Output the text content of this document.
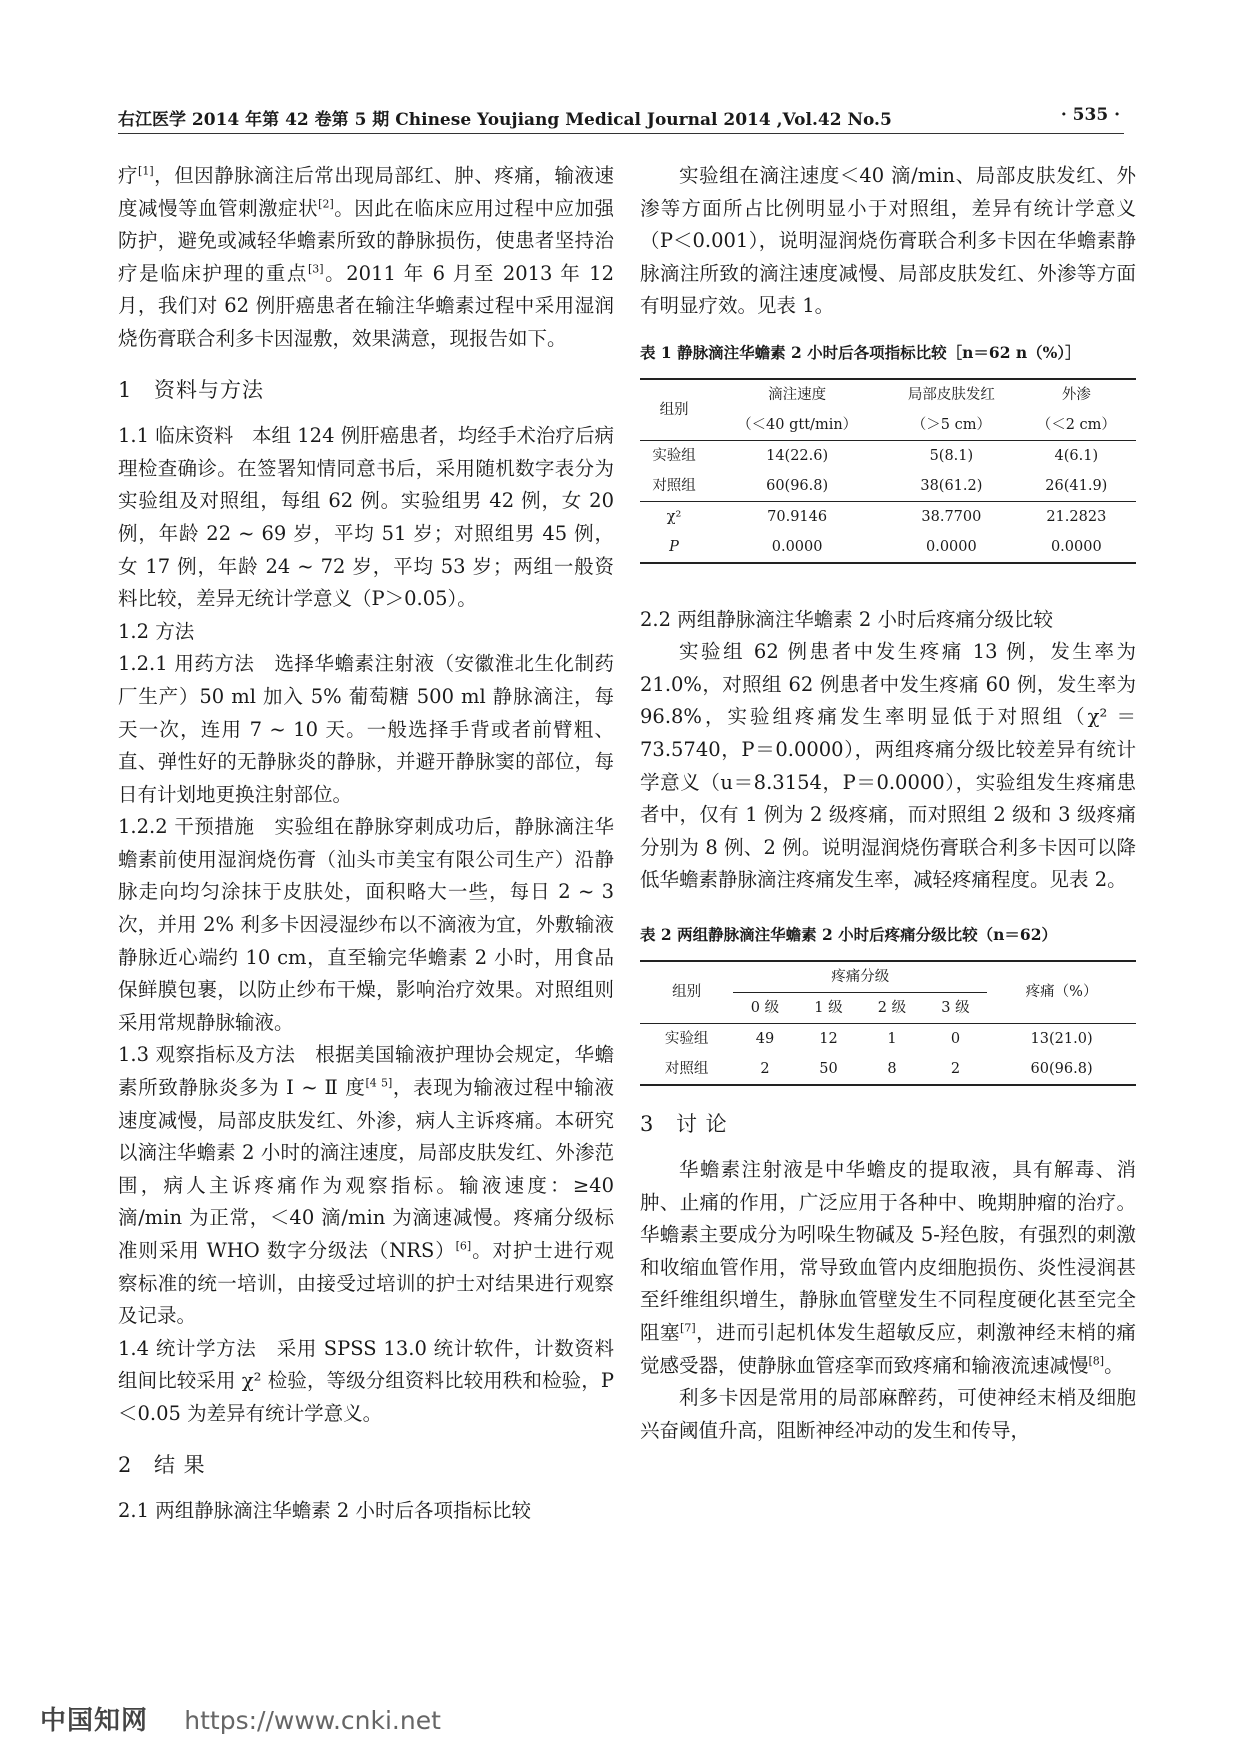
右江医学 2014 年第 42 卷第 5 期 Chinese Youjiang Medical Journal 2014 ,Vol.42 No.5	· 535 ·

疗[1]，但因静脉滴注后常出现局部红、肿、疼痛，输液速度减慢等血管刺激症状[2]。因此在临床应用过程中应加强防护，避免或减轻华蟾素所致的静脉损伤，使患者坚持治疗是临床护理的重点[3]。2011 年 6 月至 2013 年 12 月，我们对 62 例肝癌患者在输注华蟾素过程中采用湿润烧伤膏联合利多卡因湿敷，效果满意，现报告如下。

1 资料与方法

1.1 临床资料 本组 124 例肝癌患者，均经手术治疗后病理检查确诊。在签署知情同意书后，采用随机数字表分为实验组及对照组，每组 62 例。实验组男 42 例，女 20 例，年龄 22 ~ 69 岁，平均 51 岁；对照组男 45 例，女 17 例，年龄 24 ~ 72 岁，平均 53 岁；两组一般资料比较，差异无统计学意义（P＞0.05）。

1.2 方法

1.2.1 用药方法 选择华蟾素注射液（安徽淮北生化制药厂生产）50 ml 加入 5% 葡萄糖 500 ml 静脉滴注，每天一次，连用 7 ~ 10 天。一般选择手背或者前臂粗、直、弹性好的无静脉炎的静脉，并避开静脉窦的部位，每日有计划地更换注射部位。

1.2.2 干预措施 实验组在静脉穿刺成功后，静脉滴注华蟾素前使用湿润烧伤膏（汕头市美宝有限公司生产）沿静脉走向均匀涂抹于皮肤处，面积略大一些，每日 2 ~ 3 次，并用 2% 利多卡因浸湿纱布以不滴液为宜，外敷输液静脉近心端约 10 cm，直至输完华蟾素 2 小时，用食品保鲜膜包裹，以防止纱布干燥，影响治疗效果。对照组则采用常规静脉输液。

1.3 观察指标及方法 根据美国输液护理协会规定，华蟾素所致静脉炎多为 Ⅰ ~ Ⅱ 度[4 5]，表现为输液过程中输液速度减慢，局部皮肤发红、外渗，病人主诉疼痛。本研究以滴注华蟾素 2 小时的滴注速度，局部皮肤发红、外渗范围，病人主诉疼痛作为观察指标。输液速度：≥40 滴/min 为正常，＜40 滴/min 为滴速减慢。疼痛分级标准则采用 WHO 数字分级法（NRS）[6]。对护士进行观察标准的统一培训，由接受过培训的护士对结果进行观察及记录。

1.4 统计学方法 采用 SPSS 13.0 统计软件，计数资料组间比较采用 χ² 检验，等级分组资料比较用秩和检验，P＜0.05 为差异有统计学意义。

2 结 果

2.1 两组静脉滴注华蟾素 2 小时后各项指标比较

实验组在滴注速度＜40 滴/min、局部皮肤发红、外渗等方面所占比例明显小于对照组，差异有统计学意义（P＜0.001），说明湿润烧伤膏联合利多卡因在华蟾素静脉滴注所致的滴注速度减慢、局部皮肤发红、外渗等方面有明显疗效。见表 1。

表 1 静脉滴注华蟾素 2 小时后各项指标比较［n＝62 n（%）］

组别	滴注速度	局部皮肤发红	外渗
	（＜40 gtt/min）	（＞5 cm）	（＜2 cm）
实验组	14(22.6)	5(8.1)	4(6.1)
对照组	60(96.8)	38(61.2)	26(41.9)
χ²	70.9146	38.7700	21.2823
P	0.0000	0.0000	0.0000

2.2 两组静脉滴注华蟾素 2 小时后疼痛分级比较

实验组 62 例患者中发生疼痛 13 例，发生率为 21.0%，对照组 62 例患者中发生疼痛 60 例，发生率为 96.8%，实验组疼痛发生率明显低于对照组（χ² ＝73.5740，P＝0.0000），两组疼痛分级比较差异有统计学意义（u＝8.3154，P＝0.0000），实验组发生疼痛患者中，仅有 1 例为 2 级疼痛，而对照组 2 级和 3 级疼痛分别为 8 例、2 例。说明湿润烧伤膏联合利多卡因可以降低华蟾素静脉滴注疼痛发生率，减轻疼痛程度。见表 2。

表 2 两组静脉滴注华蟾素 2 小时后疼痛分级比较（n＝62）

组别	疼痛分级				疼痛（%）
	0 级	1 级	2 级	3 级	
实验组	49	12	1	0	13(21.0)
对照组	2	50	8	2	60(96.8)

3 讨 论

华蟾素注射液是中华蟾皮的提取液，具有解毒、消肿、止痛的作用，广泛应用于各种中、晚期肿瘤的治疗。华蟾素主要成分为吲哚生物碱及 5-羟色胺，有强烈的刺激和收缩血管作用，常导致血管内皮细胞损伤、炎性浸润甚至纤维组织增生，静脉血管壁发生不同程度硬化甚至完全阻塞[7]，进而引起机体发生超敏反应，刺激神经末梢的痛觉感受器，使静脉血管痉挛而致疼痛和输液流速减慢[8]。

利多卡因是常用的局部麻醉药，可使神经末梢及细胞兴奋阈值升高，阻断神经冲动的发生和传导，

中国知网 https://www.cnki.net
